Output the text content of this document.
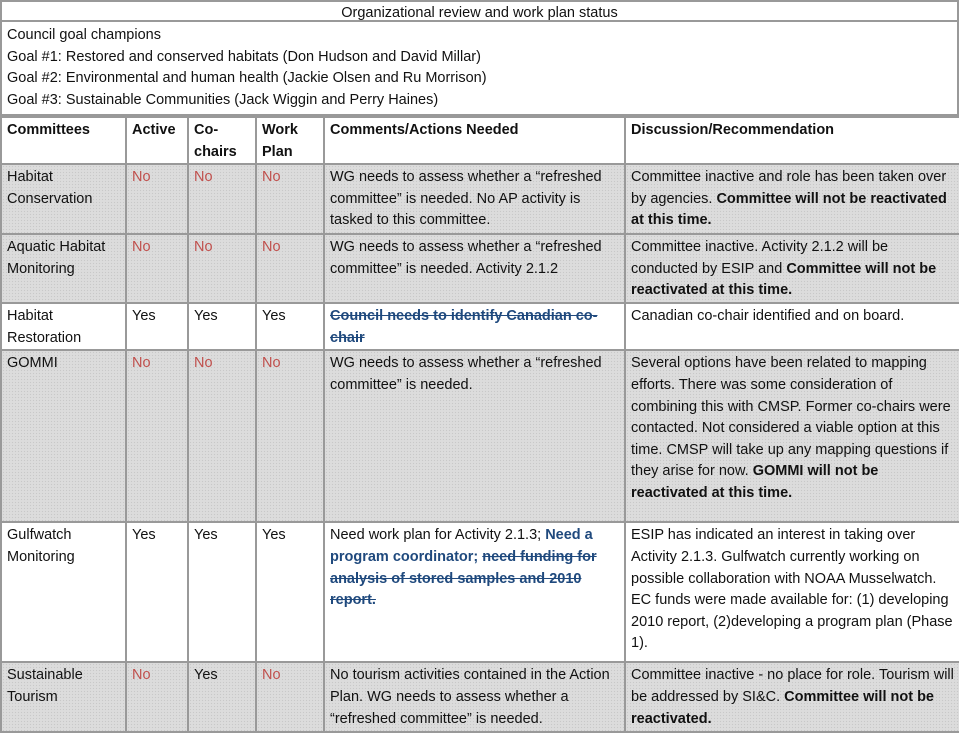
Organizational review and work plan status
Council goal champions
Goal #1: Restored and conserved habitats (Don Hudson and David Millar)
Goal #2: Environmental and human health (Jackie Olsen and Ru Morrison)
Goal #3: Sustainable Communities (Jack Wiggin and Perry Haines)
Committees	Active	Co-chairs	Work Plan	Comments/Actions Needed	Discussion/Recommendation
Habitat Conservation	No	No	No	WG needs to assess whether a “refreshed committee” is needed. No AP activity is tasked to this committee.	Committee inactive and role has been taken over by agencies. Committee will not be reactivated at this time.
Aquatic Habitat Monitoring	No	No	No	WG needs to assess whether a “refreshed committee” is needed. Activity 2.1.2	Committee inactive. Activity 2.1.2 will be conducted by ESIP and Committee will not be reactivated at this time.
Habitat Restoration	Yes	Yes	Yes	Council needs to identify Canadian co-chair	Canadian co-chair identified and on board.
GOMMI	No	No	No	WG needs to assess whether a “refreshed committee” is needed.	Several options have been related to mapping efforts. There was some consideration of combining this with CMSP. Former co-chairs were contacted. Not considered a viable option at this time. CMSP will take up any mapping questions if they arise for now. GOMMI will not be reactivated at this time.
Gulfwatch Monitoring	Yes	Yes	Yes	Need work plan for Activity 2.1.3; Need a program coordinator; need funding for analysis of stored samples and 2010 report.	ESIP has indicated an interest in taking over Activity 2.1.3. Gulfwatch currently working on possible collaboration with NOAA Musselwatch. EC funds were made available for: (1) developing 2010 report, (2)developing a program plan (Phase 1).
Sustainable Tourism	No	Yes	No	No tourism activities contained in the Action Plan. WG needs to assess whether a “refreshed committee” is needed.	Committee inactive - no place for role. Tourism will be addressed by SI&C. Committee will not be reactivated.
